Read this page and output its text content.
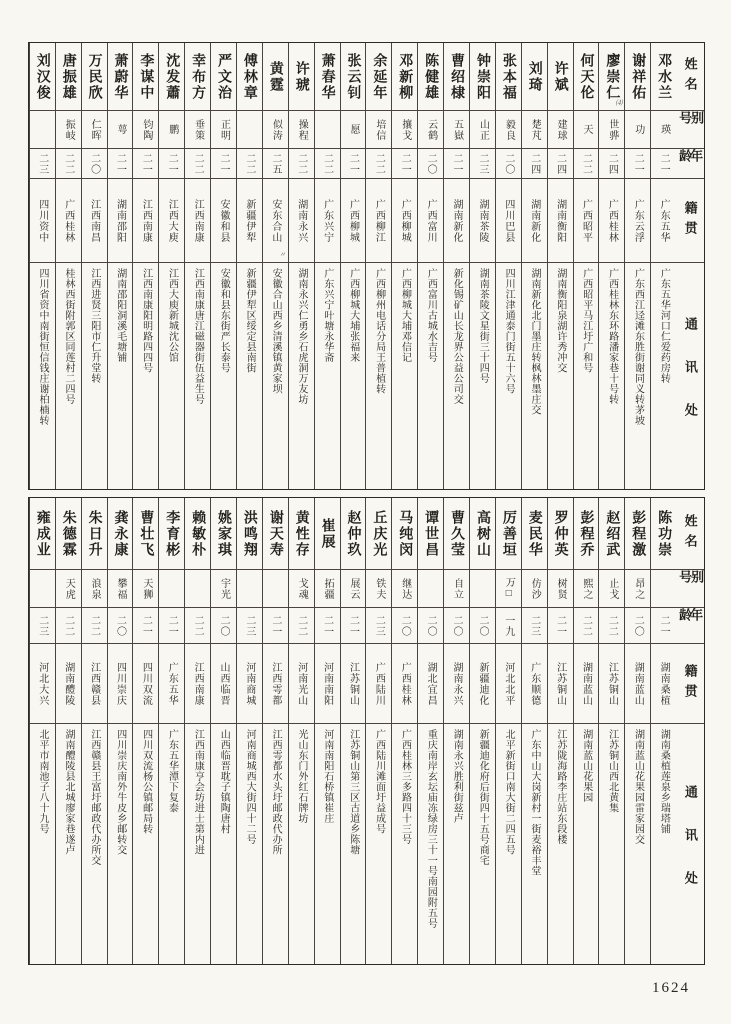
姓名
别号
年龄
籍贯
通讯处
邓水兰
瑛
二一
广东五华
广东五华河口仁爱药房转
谢祥佑
功
二一
广东云浮
广东西江迳滩东胜街谢同义转茅坡
廖崇仁
⑷
世骅
二四
广西桂林
广西桂林东环路潘家巷十号转
何天伦
天
二二
广西昭平
广西昭平马江圩广和号
许斌
建球
二四
湖南衡阳
湖南衡阳泉湖许秀冲交
刘琦
楚芃
二四
湖南新化
湖南新化北门墨庄转枫林墨庄交
张本福
毅良
二〇
四川巴县
四川江津通泰门街五十六号
钟崇阳
山正
二三
湖南茶陵
湖南茶陵文星街三十四号
曹绍棣
五嶽
二一
湖南新化
新化锡矿山长龙界公益公司交
陈健雄
云鹤
二〇
广西富川
广西富川古城水吉号
邓新柳
攘戈
二一
广西柳城
广西柳城大埔邓信记
余延年
培信
二二
广西柳江
广西柳州电话分局王普植转
张云钊
愿
二一
广西柳城
广西柳城大埔张福来
萧春华
二二
广东兴宁
广东兴宁叶塘永华斋
许琥
操程
二二
湖南永兴
湖南永兴仁勇乡石虎洞万友坊
黄霆
似涛
二五
安东合山
〃
安徽合山西乡清溪镇黄家坝
傅林章
二二
新疆伊犁
新疆伊犁区绥定县南街
严文治
正明
二一
安徽和县
安徽和县东街严长泰号
幸布方
垂策
二二
江西南康
江西南康唐江磁器街伍益生号
沈发蕭
鹏
二一
江西大庾
江西大庾新城沈公馆
李谋中
钧陶
二一
江西南康
江西南康阳明路四四号
萧蔚华
萼
二一
湖南邵阳
湖南邵阳洞溪毛塘铺
万民欣
仁晖
二〇
江西南昌
江西进贤三阳市仁升堂转
唐振雄
振岐
二二
广西桂林
桂林西街附郭区同莲村二四号
刘汉俊
二三
四川资中
四川省资中南街恒信钱庄谢柏楠转
姓名
别号
年龄
籍贯
通讯处
陈功崇
二一
湖南桑植
湖南桑植莲泉乡瑞塔铺
彭程激
昂之
二〇
湖南蓝山
湖南蓝山花果园雷家园交
赵绍武
止戈
二二
江苏铜山
江苏铜山西北黄集
彭程乔
熙之
二二
湖南蓝山
湖南蓝山花果园
罗仲英
树贤
二一
江苏铜山
江苏陇海路李庄站东段楼
麦民华
仿沙
二三
广东顺德
广东中山大岗新村一街麦裕丰堂
厉善垣
万□
一九
河北北平
北平新街口南大街二四五号
高树山
二〇
新疆迪化
新疆迪化府后街四十五号商宅
曹久莹
自立
二〇
湖南永兴
湖南永兴胜利街兹卢
谭世昌
二〇
湖北宜昌
重庆南岸玄坛庙冻绿房三十一号南园附五号
马纯闵
继达
二〇
广西桂林
广西桂林三多路四十三号
丘庆光
铁夫
二三
广西陆川
广西陆川滩面圩益成号
赵仲玖
展云
二一
江苏铜山
江苏铜山第三区古道乡陈塘
崔展
拓疆
二一
河南南阳
河南南阳石桥镇崔庄
黄性存
戈魂
二二
河南光山
光山东门外红石牌坊
谢天寿
二一
江西雩都
江西雩都水头圩邮政代办所
洪鸣翔
二三
河南商城
河南商城西大街四十二号
姚家琪
宇光
二〇
山西临晋
山西临晋耽子镇陶唐村
赖敏朴
二二
江西南康
江西南康亨会坊进士第内进
李育彬
二一
广东五华
广东五华潭下复泰
曹壮飞
天狮
二一
四川双流
四川双流杨公镇邮局转
龚永康
攀福
二〇
四川崇庆
四川崇庆南外牛皮乡邮转交
朱日升
浪泉
二二
江西赣县
江西赣县王富圩邮政代办所交
朱德霖
天虎
二二
湖南醴陵
湖南醴陵县北城廖家巷遂卢
雍成业
二三
河北大兴
北平市南池子八十九号
1624
